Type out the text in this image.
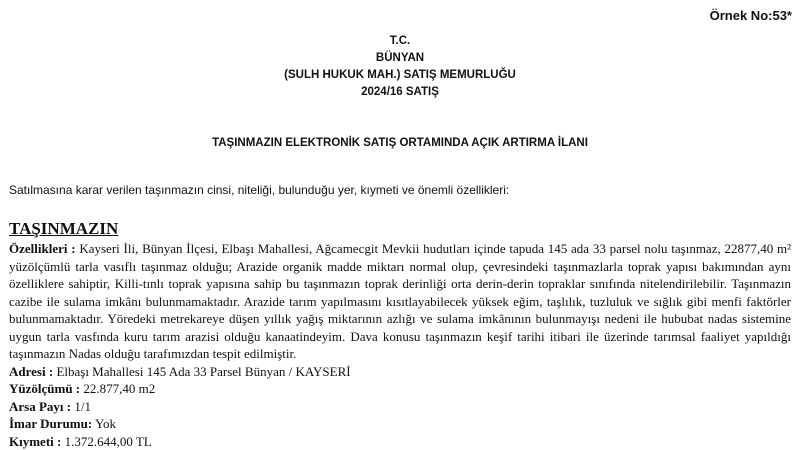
Örnek No:53*
T.C.
BÜNYAN
(SULH HUKUK MAH.) SATIŞ MEMURLUĞU
2024/16 SATIŞ
TAŞINMAZIN ELEKTRONİK SATIŞ ORTAMINDA AÇIK ARTIRMA İLANI
Satılmasına karar verilen taşınmazın cinsi, niteliği, bulunduğu yer, kıymeti ve önemli özellikleri:
TAŞINMAZIN

Özellikleri : Kayseri İli, Bünyan İlçesi, Elbaşı Mahallesi, Ağcamecgit Mevkii hudutları içinde tapuda 145 ada 33 parsel nolu taşınmaz, 22877,40 m² yüzölçümlü tarla vasıflı taşınmaz olduğu; Arazide organik madde miktarı normal olup, çevresindeki taşınmazlarla toprak yapısı bakımından aynı özelliklere sahiptir, Killi-tınlı toprak yapısına sahip bu taşınmazın toprak derinliği orta derin-derin topraklar sınıfında nitelendirilebilir. Taşınmazın cazibe ile sulama imkânı bulunmamaktadır. Arazide tarım yapılmasını kısıtlayabilecek yüksek eğim, taşlılık, tuzluluk ve sığlık gibi menfi faktörler bulunmamaktadır. Yöredeki metrekareye düşen yıllık yağış miktarının azlığı ve sulama imkânının bulunmayışı nedeni ile hububat nadas sistemine uygun tarla vasfında kuru tarım arazisi olduğu kanaatindeyim. Dava konusu taşınmazın keşif tarihi itibari ile üzerinde tarımsal faaliyet yapıldığı taşınmazın Nadas olduğu tarafımızdan tespit edilmiştir.

Adresi : Elbaşı Mahallesi 145 Ada 33 Parsel Bünyan / KAYSERİ
Yüzölçümü : 22.877,40 m2
Arsa Payı : 1/1
İmar Durumu: Yok
Kıymeti : 1.372.644,00 TL
